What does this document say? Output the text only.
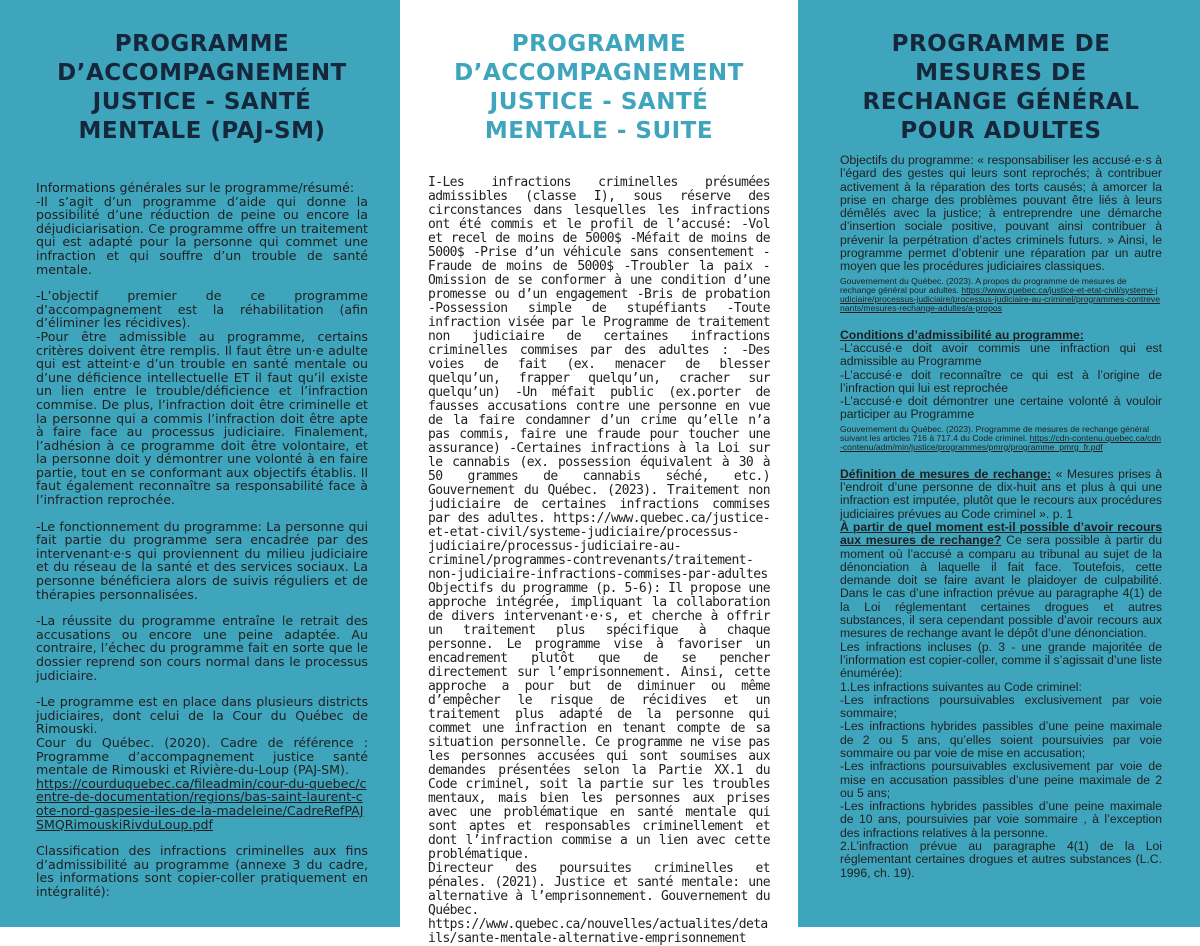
PROGRAMME D’ACCOMPAGNEMENT JUSTICE - SANTÉ MENTALE (PAJ-SM)
Informations générales sur le programme/résumé:
-Il s’agit d’un programme d’aide qui donne la possibilité d’une réduction de peine ou encore la déjudiciarisation. Ce programme offre un traitement qui est adapté pour la personne qui commet une infraction et qui souffre d’un trouble de santé mentale.
-L’objectif premier de ce programme d’accompagnement est la réhabilitation (afin d’éliminer les récidives).
-Pour être admissible au programme, certains critères doivent être remplis. Il faut être un·e adulte qui est atteint·e d’un trouble en santé mentale ou d’une déficience intellectuelle ET il faut qu’il existe un lien entre le trouble/déficience et l’infraction commise. De plus, l’infraction doit être criminelle et la personne qui a commis l’infraction doit être apte à faire face au processus judiciaire. Finalement, l’adhésion à ce programme doit être volontaire, et la personne doit y démontrer une volonté à en faire partie, tout en se conformant aux objectifs établis. Il faut également reconnaître sa responsabilité face à l’infraction reprochée.
-Le fonctionnement du programme: La personne qui fait partie du programme sera encadrée par des intervenant·e·s qui proviennent du milieu judiciaire et du réseau de la santé et des services sociaux. La personne bénéficiera alors de suivis réguliers et de thérapies personnalisées.
-La réussite du programme entraîne le retrait des accusations ou encore une peine adaptée. Au contraire, l’échec du programme fait en sorte que le dossier reprend son cours normal dans le processus judiciaire.
-Le programme est en place dans plusieurs districts judiciaires, dont celui de la Cour du Québec de Rimouski.
Cour du Québec. (2020). Cadre de référence : Programme d’accompagnement justice santé mentale de Rimouski et Rivière-du-Loup (PAJ-SM).
https://courduquebec.ca/fileadmin/cour-du-quebec/centre-de-documentation/regions/bas-saint-laurent-cote-nord-gaspesie-iles-de-la-madeleine/CadreRefPAJSMQRimouskiRivduLoup.pdf
Classification des infractions criminelles aux fins d’admissibilité au programme (annexe 3 du cadre, les informations sont copier-coller pratiquement en intégralité):
PROGRAMME D’ACCOMPAGNEMENT JUSTICE - SANTÉ MENTALE - SUITE
I-Les infractions criminelles présumées admissibles (classe I), sous réserve des circonstances dans lesquelles les infractions ont été commis et le profil de l’accusé: -Vol et recel de moins de 5000$ -Méfait de moins de 5000$ -Prise d’un véhicule sans consentement -Fraude de moins de 5000$ -Troubler la paix -Omission de se conformer à une condition d’une promesse ou d’un engagement -Bris de probation -Possession simple de stupéfiants -Toute infraction visée par le Programme de traitement non judiciaire de certaines infractions criminelles commises par des adultes : -Des voies de fait (ex. menacer de blesser quelqu’un, frapper quelqu’un, cracher sur quelqu’un) -Un méfait public (ex.porter de fausses accusations contre une personne en vue de la faire condamner d’un crime qu’elle n’a pas commis, faire une fraude pour toucher une assurance) -Certaines infractions à la Loi sur le cannabis (ex. possession équivalent à 30 à 50 grammes de cannabis séché, etc.) Gouvernement du Québec. (2023). Traitement non judiciaire de certaines infractions commises par des adultes. https://www.quebec.ca/justice-et-etat-civil/systeme-judiciaire/processus-judiciaire/processus-judiciaire-au-criminel/programmes-contrevenants/traitement-non-judiciaire-infractions-commises-par-adultes
Objectifs du programme (p. 5-6): Il propose une approche intégrée, impliquant la collaboration de divers intervenant·e·s, et cherche à offrir un traitement plus spécifique à chaque personne. Le programme vise à favoriser un encadrement plutôt que de se pencher directement sur l’emprisonnement. Ainsi, cette approche a pour but de diminuer ou même d’empêcher le risque de récidives et un traitement plus adapté de la personne qui commet une infraction en tenant compte de sa situation personnelle. Ce programme ne vise pas les personnes accusées qui sont soumises aux demandes présentées selon la Partie XX.1 du Code criminel, soit la partie sur les troubles mentaux, mais bien les personnes aux prises avec une problématique en santé mentale qui sont aptes et responsables criminellement et dont l’infraction commise a un lien avec cette problématique.
Directeur des poursuites criminelles et pénales. (2021). Justice et santé mentale: une alternative à l’emprisonnement. Gouvernement du Québec. https://www.quebec.ca/nouvelles/actualites/details/sante-mentale-alternative-emprisonnement
PROGRAMME DE MESURES DE RECHANGE GÉNÉRAL POUR ADULTES
Objectifs du programme: « responsabiliser les accusé·e·s à l’égard des gestes qui leurs sont reprochés; à contribuer activement à la réparation des torts causés; à amorcer la prise en charge des problèmes pouvant être liés à leurs démêlés avec la justice; à entreprendre une démarche d’insertion sociale positive, pouvant ainsi contribuer à prévenir la perpétration d’actes criminels futurs. » Ainsi, le programme permet d’obtenir une réparation par un autre moyen que les procédures judiciaires classiques.
Gouvernement du Québec. (2023). A propos du programme de mesures de rechange général pour adultes. https://www.quebec.ca/justice-et-etat-civil/systeme-judiciaire/processus-judiciaire/processus-judiciaire-au-criminel/programmes-contrevenants/mesures-rechange-adultes/a-propos
Conditions d’admissibilité au programme:
-L’accusé·e doit avoir commis une infraction qui est admissible au Programme
-L’accusé·e doit reconnaître ce qui est à l’origine de l’infraction qui lui est reprochée
-L’accusé·e doit démontrer une certaine volonté à vouloir participer au Programme
Gouvernement du Québec. (2023). Programme de mesures de rechange général suivant les articles 716 à 717.4 du Code criminel. https://cdn-contenu.quebec.ca/cdn-contenu/adm/min/justice/programmes/pmrg/programme_pmrg_fr.pdf
Définition de mesures de rechange: « Mesures prises à l’endroit d’une personne de dix-huit ans et plus à qui une infraction est imputée, plutôt que le recours aux procédures judiciaires prévues au Code criminel ». p. 1
À partir de quel moment est-il possible d’avoir recours aux mesures de rechange? Ce sera possible à partir du moment où l’accusé a comparu au tribunal au sujet de la dénonciation à laquelle il fait face. Toutefois, cette demande doit se faire avant le plaidoyer de culpabilité. Dans le cas d’une infraction prévue au paragraphe 4(1) de la Loi réglementant certaines drogues et autres substances, il sera cependant possible d’avoir recours aux mesures de rechange avant le dépôt d’une dénonciation.
Les infractions incluses (p. 3 - une grande majoritée de l’information est copier-coller, comme il s’agissait d’une liste énumérée):
1.Les infractions suivantes au Code criminel:
-Les infractions poursuivables exclusivement par voie sommaire;
-Les infractions hybrides passibles d’une peine maximale de 2 ou 5 ans, qu’elles soient poursuivies par voie sommaire ou par voie de mise en accusation;
-Les infractions poursuivables exclusivement par voie de mise en accusation passibles d’une peine maximale de 2 ou 5 ans;
-Les infractions hybrides passibles d’une peine maximale de 10 ans, poursuivies par voie sommaire , à l’exception des infractions relatives à la personne.
2.L’infraction prévue au paragraphe 4(1) de la Loi réglementant certaines drogues et autres substances (L.C. 1996, ch. 19).
